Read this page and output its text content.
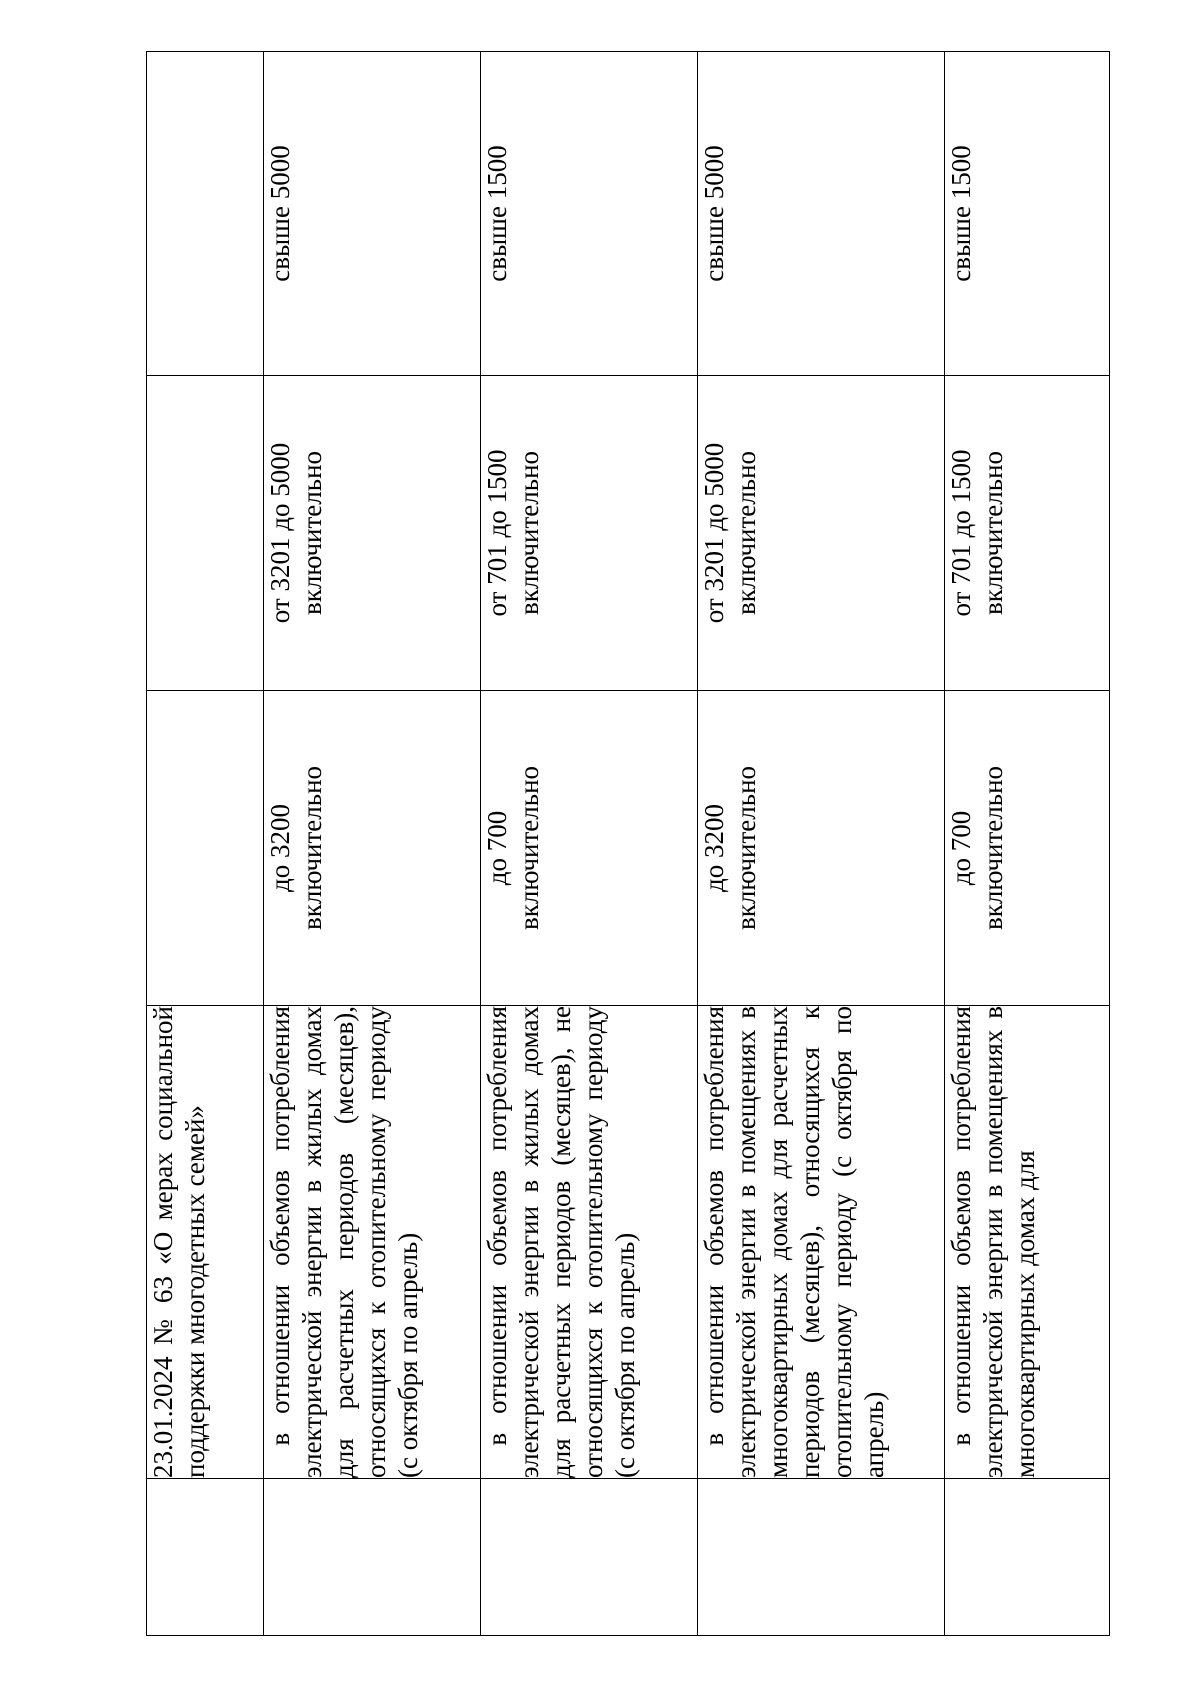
	23.01.2024 № 63 «О мерах социальной поддержки многодетных семей»			
	в отношении объемов потребления электрической энергии в жилых домах для расчетных периодов (месяцев), относящихся к отопительному периоду (с октября по апрель)	до 3200 включительно	от 3201 до 5000 включительно	свыше 5000

	в отношении объемов потребления электрической энергии в жилых домах для расчетных периодов (месяцев), не относящихся к отопительному периоду (с октября по апрель)	до 700 включительно	от 701 до 1500 включительно	свыше 1500

	в отношении объемов потребления электрической энергии в помещениях в многоквартирных домах для расчетных периодов (месяцев), относящихся к отопительному периоду (с октября по апрель)	до 3200 включительно	от 3201 до 5000 включительно	свыше 5000

	в отношении объемов потребления электрической энергии в помещениях в многоквартирных домах для	до 700 включительно	от 701 до 1500 включительно	свыше 1500
